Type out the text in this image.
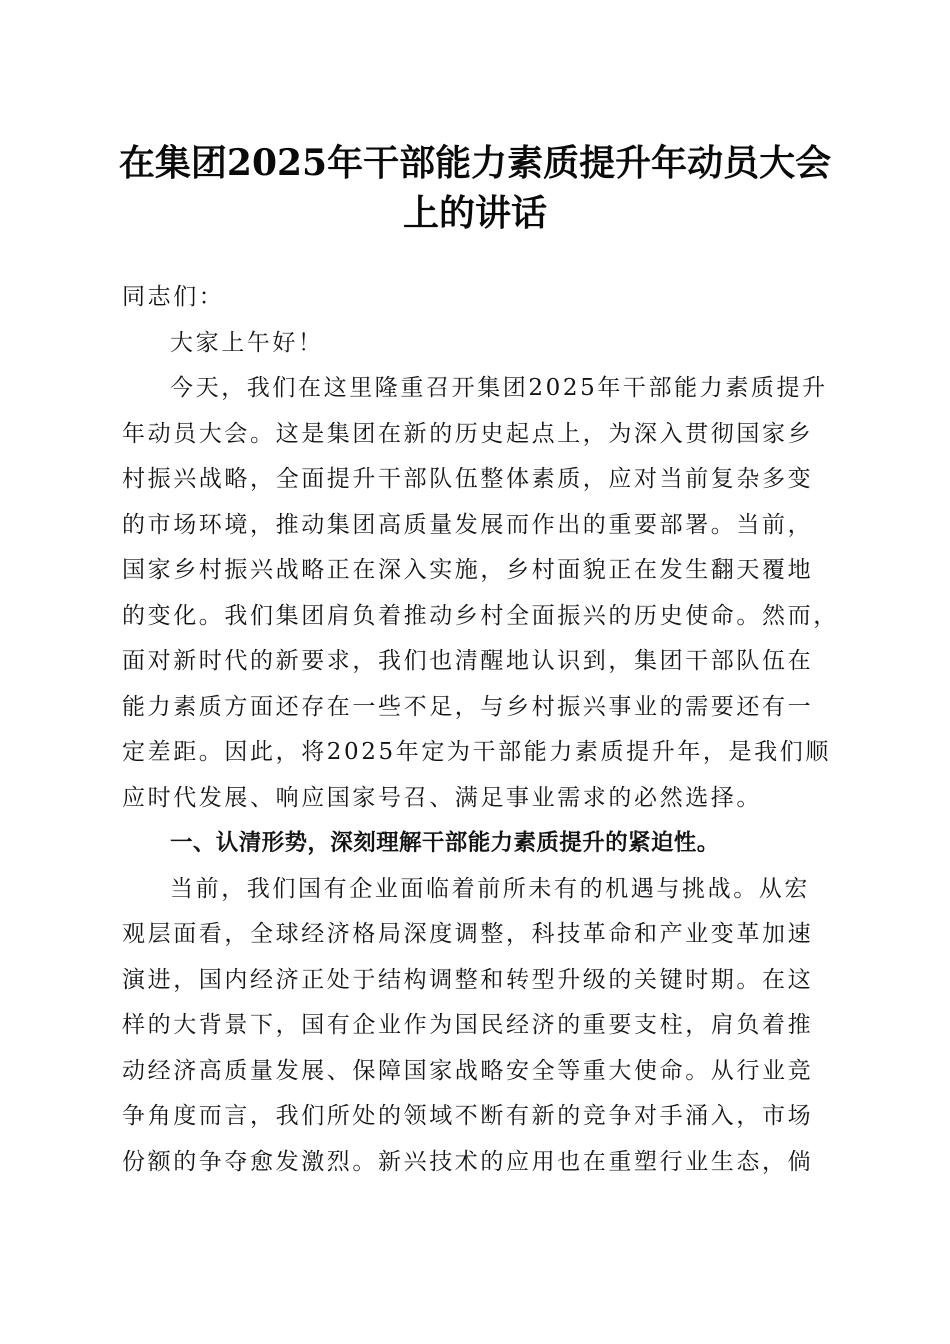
在集团2025年干部能力素质提升年动员大会
上的讲话
同志们：
大家上午好！
今天，我们在这里隆重召开集团2025年干部能力素质提升
年动员大会。这是集团在新的历史起点上，为深入贯彻国家乡
村振兴战略，全面提升干部队伍整体素质，应对当前复杂多变
的市场环境，推动集团高质量发展而作出的重要部署。当前，
国家乡村振兴战略正在深入实施，乡村面貌正在发生翻天覆地
的变化。我们集团肩负着推动乡村全面振兴的历史使命。然而，
面对新时代的新要求，我们也清醒地认识到，集团干部队伍在
能力素质方面还存在一些不足，与乡村振兴事业的需要还有一
定差距。因此，将2025年定为干部能力素质提升年，是我们顺
应时代发展、响应国家号召、满足事业需求的必然选择。
一、认清形势，深刻理解干部能力素质提升的紧迫性。
当前，我们国有企业面临着前所未有的机遇与挑战。从宏
观层面看，全球经济格局深度调整，科技革命和产业变革加速
演进，国内经济正处于结构调整和转型升级的关键时期。在这
样的大背景下，国有企业作为国民经济的重要支柱，肩负着推
动经济高质量发展、保障国家战略安全等重大使命。从行业竞
争角度而言，我们所处的领域不断有新的竞争对手涌入，市场
份额的争夺愈发激烈。新兴技术的应用也在重塑行业生态，倘
